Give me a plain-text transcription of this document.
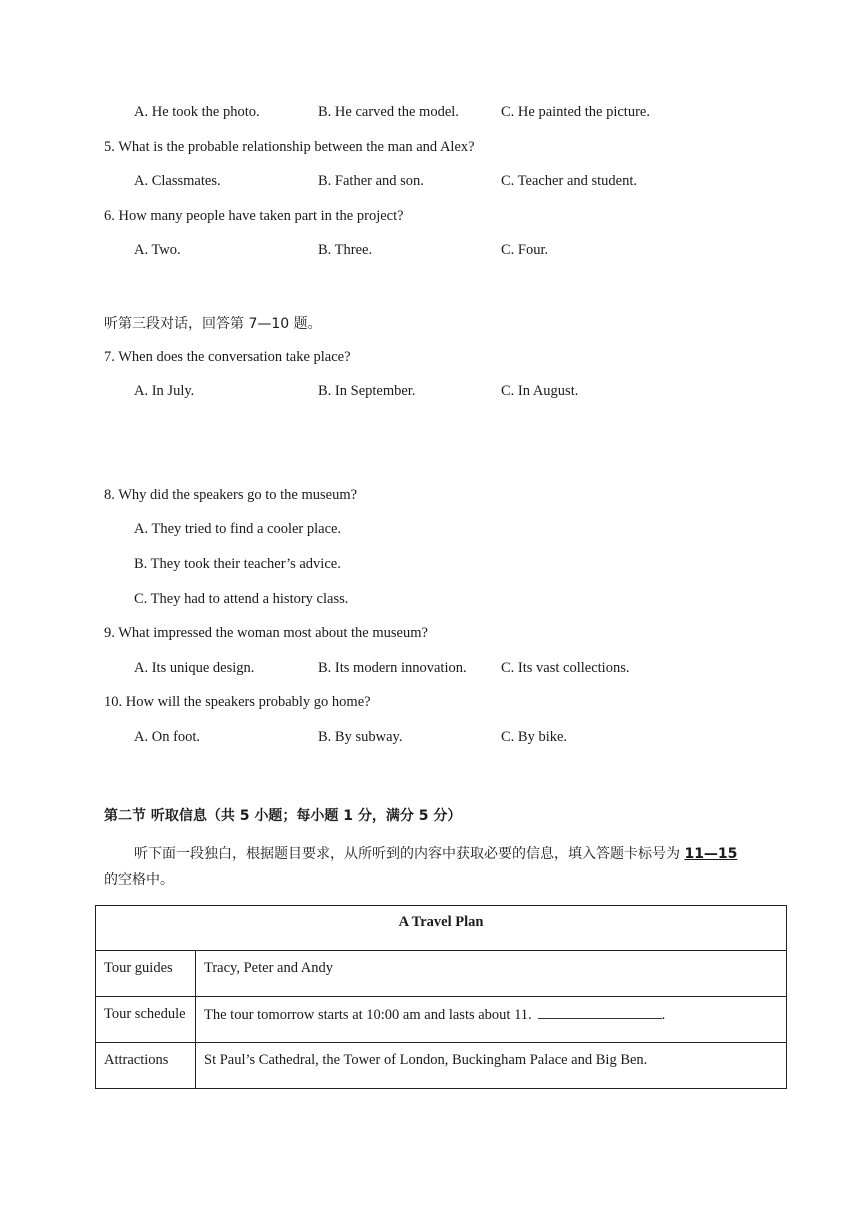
A. He took the photo.	B. He carved the model.	C. He painted the picture.
5. What is the probable relationship between the man and Alex?
A. Classmates.	B. Father and son.	C. Teacher and student.
6. How many people have taken part in the project?
A. Two.	B. Three.	C. Four.
听第三段对话，回答第 7—10 题。
7. When does the conversation take place?
A. In July.	B. In September.	C. In August.
8. Why did the speakers go to the museum?
A. They tried to find a cooler place.
B. They took their teacher’s advice.
C. They had to attend a history class.
9. What impressed the woman most about the museum?
A. Its unique design.	B. Its modern innovation. C. Its vast collections.
10. How will the speakers probably go home?
A. On foot.	B. By subway.	C. By bike.
第二节 听取信息（共 5 小题；每小题 1 分，满分 5 分）
听下面一段独白，根据题目要求，从所听到的内容中获取必要的信息，填入答题卡标号为 11—15
的空格中。
A Travel Plan	
Tour guides	Tracy, Peter and Andy
Tour schedule	The tour tomorrow starts at 10:00 am and lasts about 11. .
Attractions	St Paul’s Cathedral, the Tower of London, Buckingham Palace and Big Ben.
